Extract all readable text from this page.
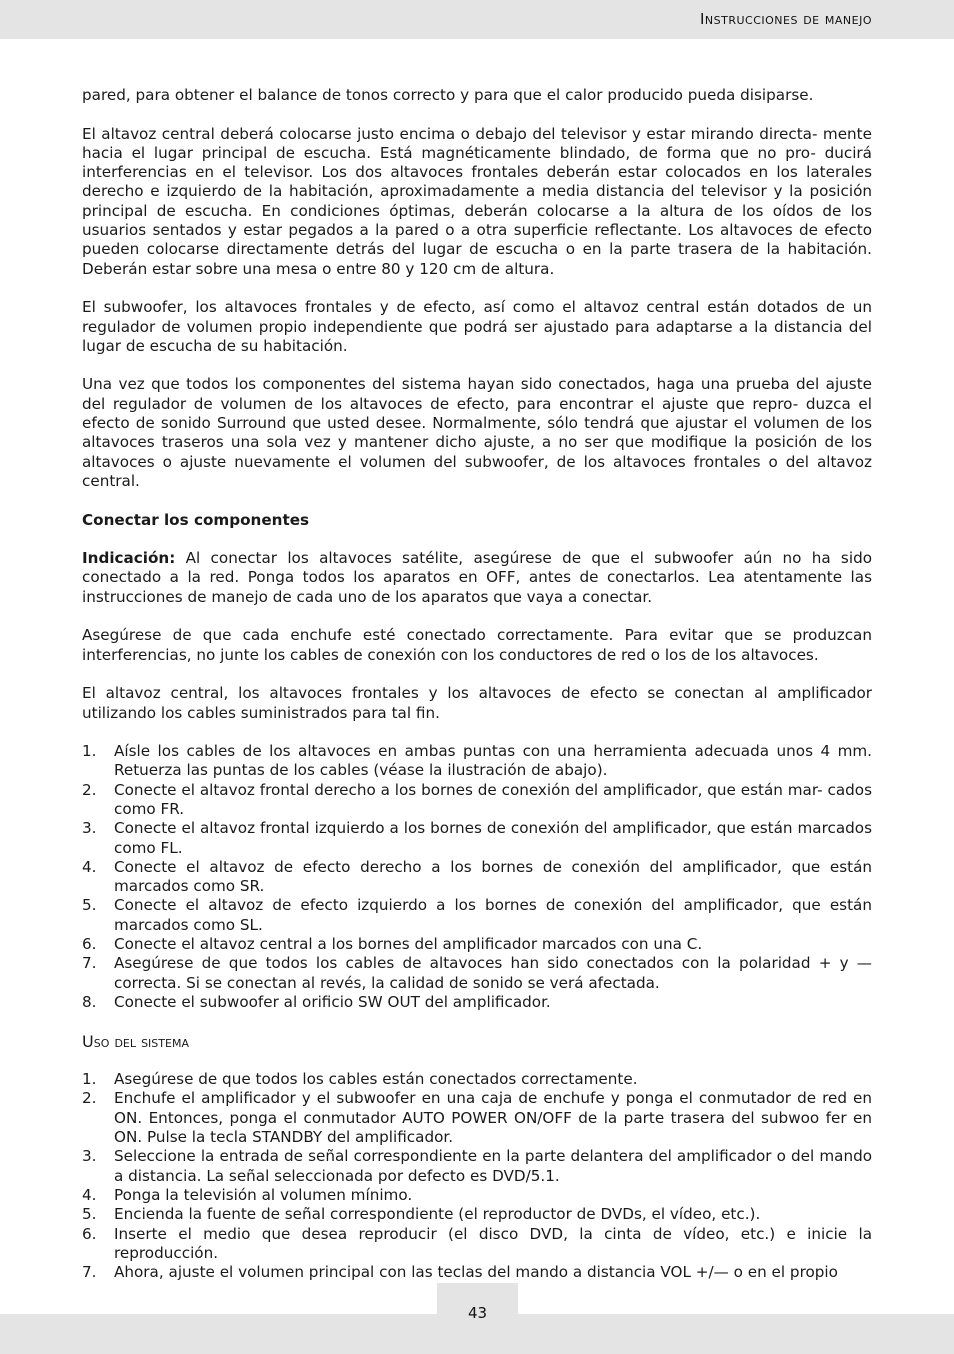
Instrucciones de manejo

pared, para obtener el balance de tonos correcto y para que el calor producido pueda disiparse.

El altavoz central deberá colocarse justo encima o debajo del televisor y estar mirando directa- mente hacia el lugar principal de escucha. Está magnéticamente blindado, de forma que no pro- ducirá interferencias en el televisor. Los dos altavoces frontales deberán estar colocados en los laterales derecho e izquierdo de la habitación, aproximadamente a media distancia del televisor y la posición principal de escucha. En condiciones óptimas, deberán colocarse a la altura de los oídos de los usuarios sentados y estar pegados a la pared o a otra superficie reflectante. Los altavoces de efecto pueden colocarse directamente detrás del lugar de escucha o en la parte trasera de la habitación. Deberán estar sobre una mesa o entre 80 y 120 cm de altura.

El subwoofer, los altavoces frontales y de efecto, así como el altavoz central están dotados de un regulador de volumen propio independiente que podrá ser ajustado para adaptarse a la distancia del lugar de escucha de su habitación.

Una vez que todos los componentes del sistema hayan sido conectados, haga una prueba del ajuste del regulador de volumen de los altavoces de efecto, para encontrar el ajuste que repro- duzca el efecto de sonido Surround que usted desee. Normalmente, sólo tendrá que ajustar el volumen de los altavoces traseros una sola vez y mantener dicho ajuste, a no ser que modifique la posición de los altavoces o ajuste nuevamente el volumen del subwoofer, de los altavoces frontales o del altavoz central.

Conectar los componentes

Indicación: Al conectar los altavoces satélite, asegúrese de que el subwoofer aún no ha sido conectado a la red. Ponga todos los aparatos en OFF, antes de conectarlos. Lea atentamente las instrucciones de manejo de cada uno de los aparatos que vaya a conectar.

Asegúrese de que cada enchufe esté conectado correctamente. Para evitar que se produzcan interferencias, no junte los cables de conexión con los conductores de red o los de los altavoces.

El altavoz central, los altavoces frontales y los altavoces de efecto se conectan al amplificador utilizando los cables suministrados para tal fin.

1.	Aísle los cables de los altavoces en ambas puntas con una herramienta adecuada unos 4 mm. Retuerza las puntas de los cables (véase la ilustración de abajo).
2.	Conecte el altavoz frontal derecho a los bornes de conexión del amplificador, que están mar- cados como FR.
3.	Conecte el altavoz frontal izquierdo a los bornes de conexión del amplificador, que están marcados como FL.
4.	Conecte el altavoz de efecto derecho a los bornes de conexión del amplificador, que están marcados como SR.
5.	Conecte el altavoz de efecto izquierdo a los bornes de conexión del amplificador, que están marcados como SL.
6.	Conecte el altavoz central a los bornes del amplificador marcados con una C.
7.	Asegúrese de que todos los cables de altavoces han sido conectados con la polaridad + y — correcta. Si se conectan al revés, la calidad de sonido se verá afectada.
8.	Conecte el subwoofer al orificio SW OUT del amplificador.

Uso del sistema

1.	Asegúrese de que todos los cables están conectados correctamente.
2.	Enchufe el amplificador y el subwoofer en una caja de enchufe y ponga el conmutador de red en ON. Entonces, ponga el conmutador AUTO POWER ON/OFF de la parte trasera del subwoo fer en ON. Pulse la tecla STANDBY del amplificador.
3.	Seleccione la entrada de señal correspondiente en la parte delantera del amplificador o del mando a distancia. La señal seleccionada por defecto es DVD/5.1.
4.	Ponga la televisión al volumen mínimo.
5.	Encienda la fuente de señal correspondiente (el reproductor de DVDs, el vídeo, etc.).
6.	Inserte el medio que desea reproducir (el disco DVD, la cinta de vídeo, etc.) e inicie la reproducción.
7.	Ahora, ajuste el volumen principal con las teclas del mando a distancia VOL +/— o en el propio
43
